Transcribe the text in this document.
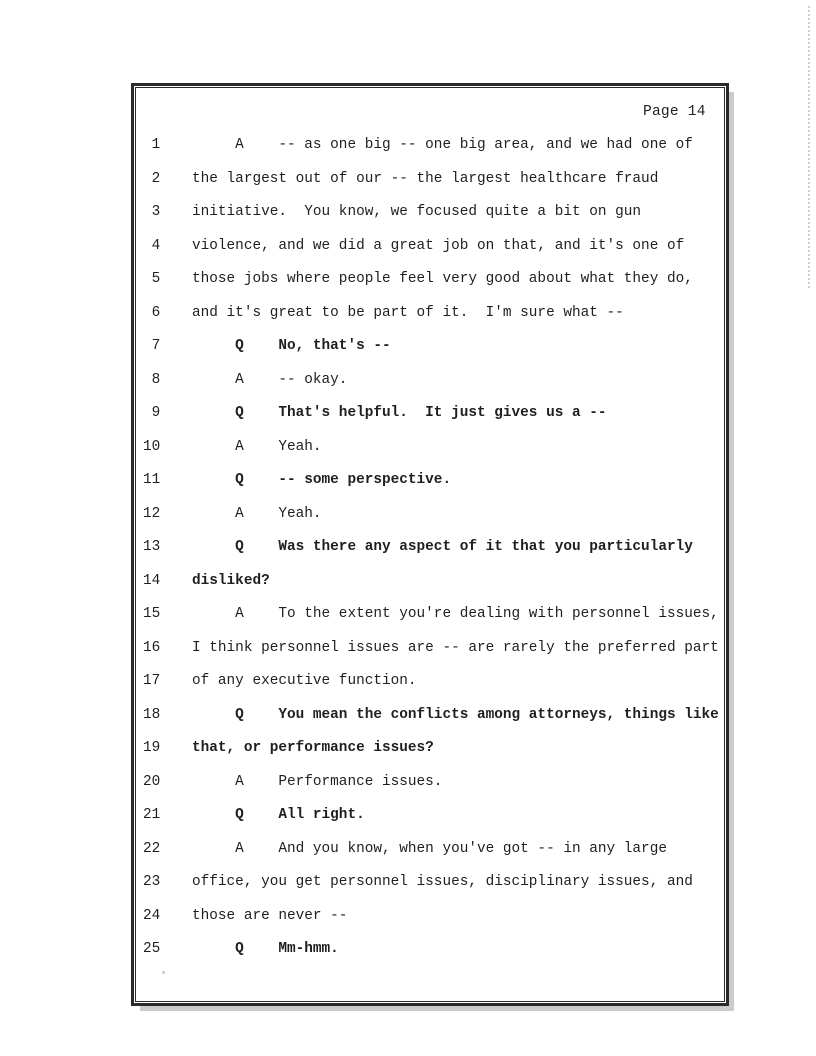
Page 14
1 A    -- as one big -- one big area, and we had one of
2 the largest out of our -- the largest healthcare fraud
3 initiative.  You know, we focused quite a bit on gun
4 violence, and we did a great job on that, and it's one of
5 those jobs where people feel very good about what they do,
6 and it's great to be part of it.  I'm sure what --
7 Q    No, that's --
8 A    -- okay.
9 Q    That's helpful.  It just gives us a --
10 A    Yeah.
11 Q    -- some perspective.
12 A    Yeah.
13 Q    Was there any aspect of it that you particularly
14 disliked?
15 A    To the extent you're dealing with personnel issues,
16 I think personnel issues are -- are rarely the preferred part
17 of any executive function.
18 Q    You mean the conflicts among attorneys, things like
19 that, or performance issues?
20 A    Performance issues.
21 Q    All right.
22 A    And you know, when you've got -- in any large
23 office, you get personnel issues, disciplinary issues, and
24 those are never --
25 Q    Mm-hmm.
